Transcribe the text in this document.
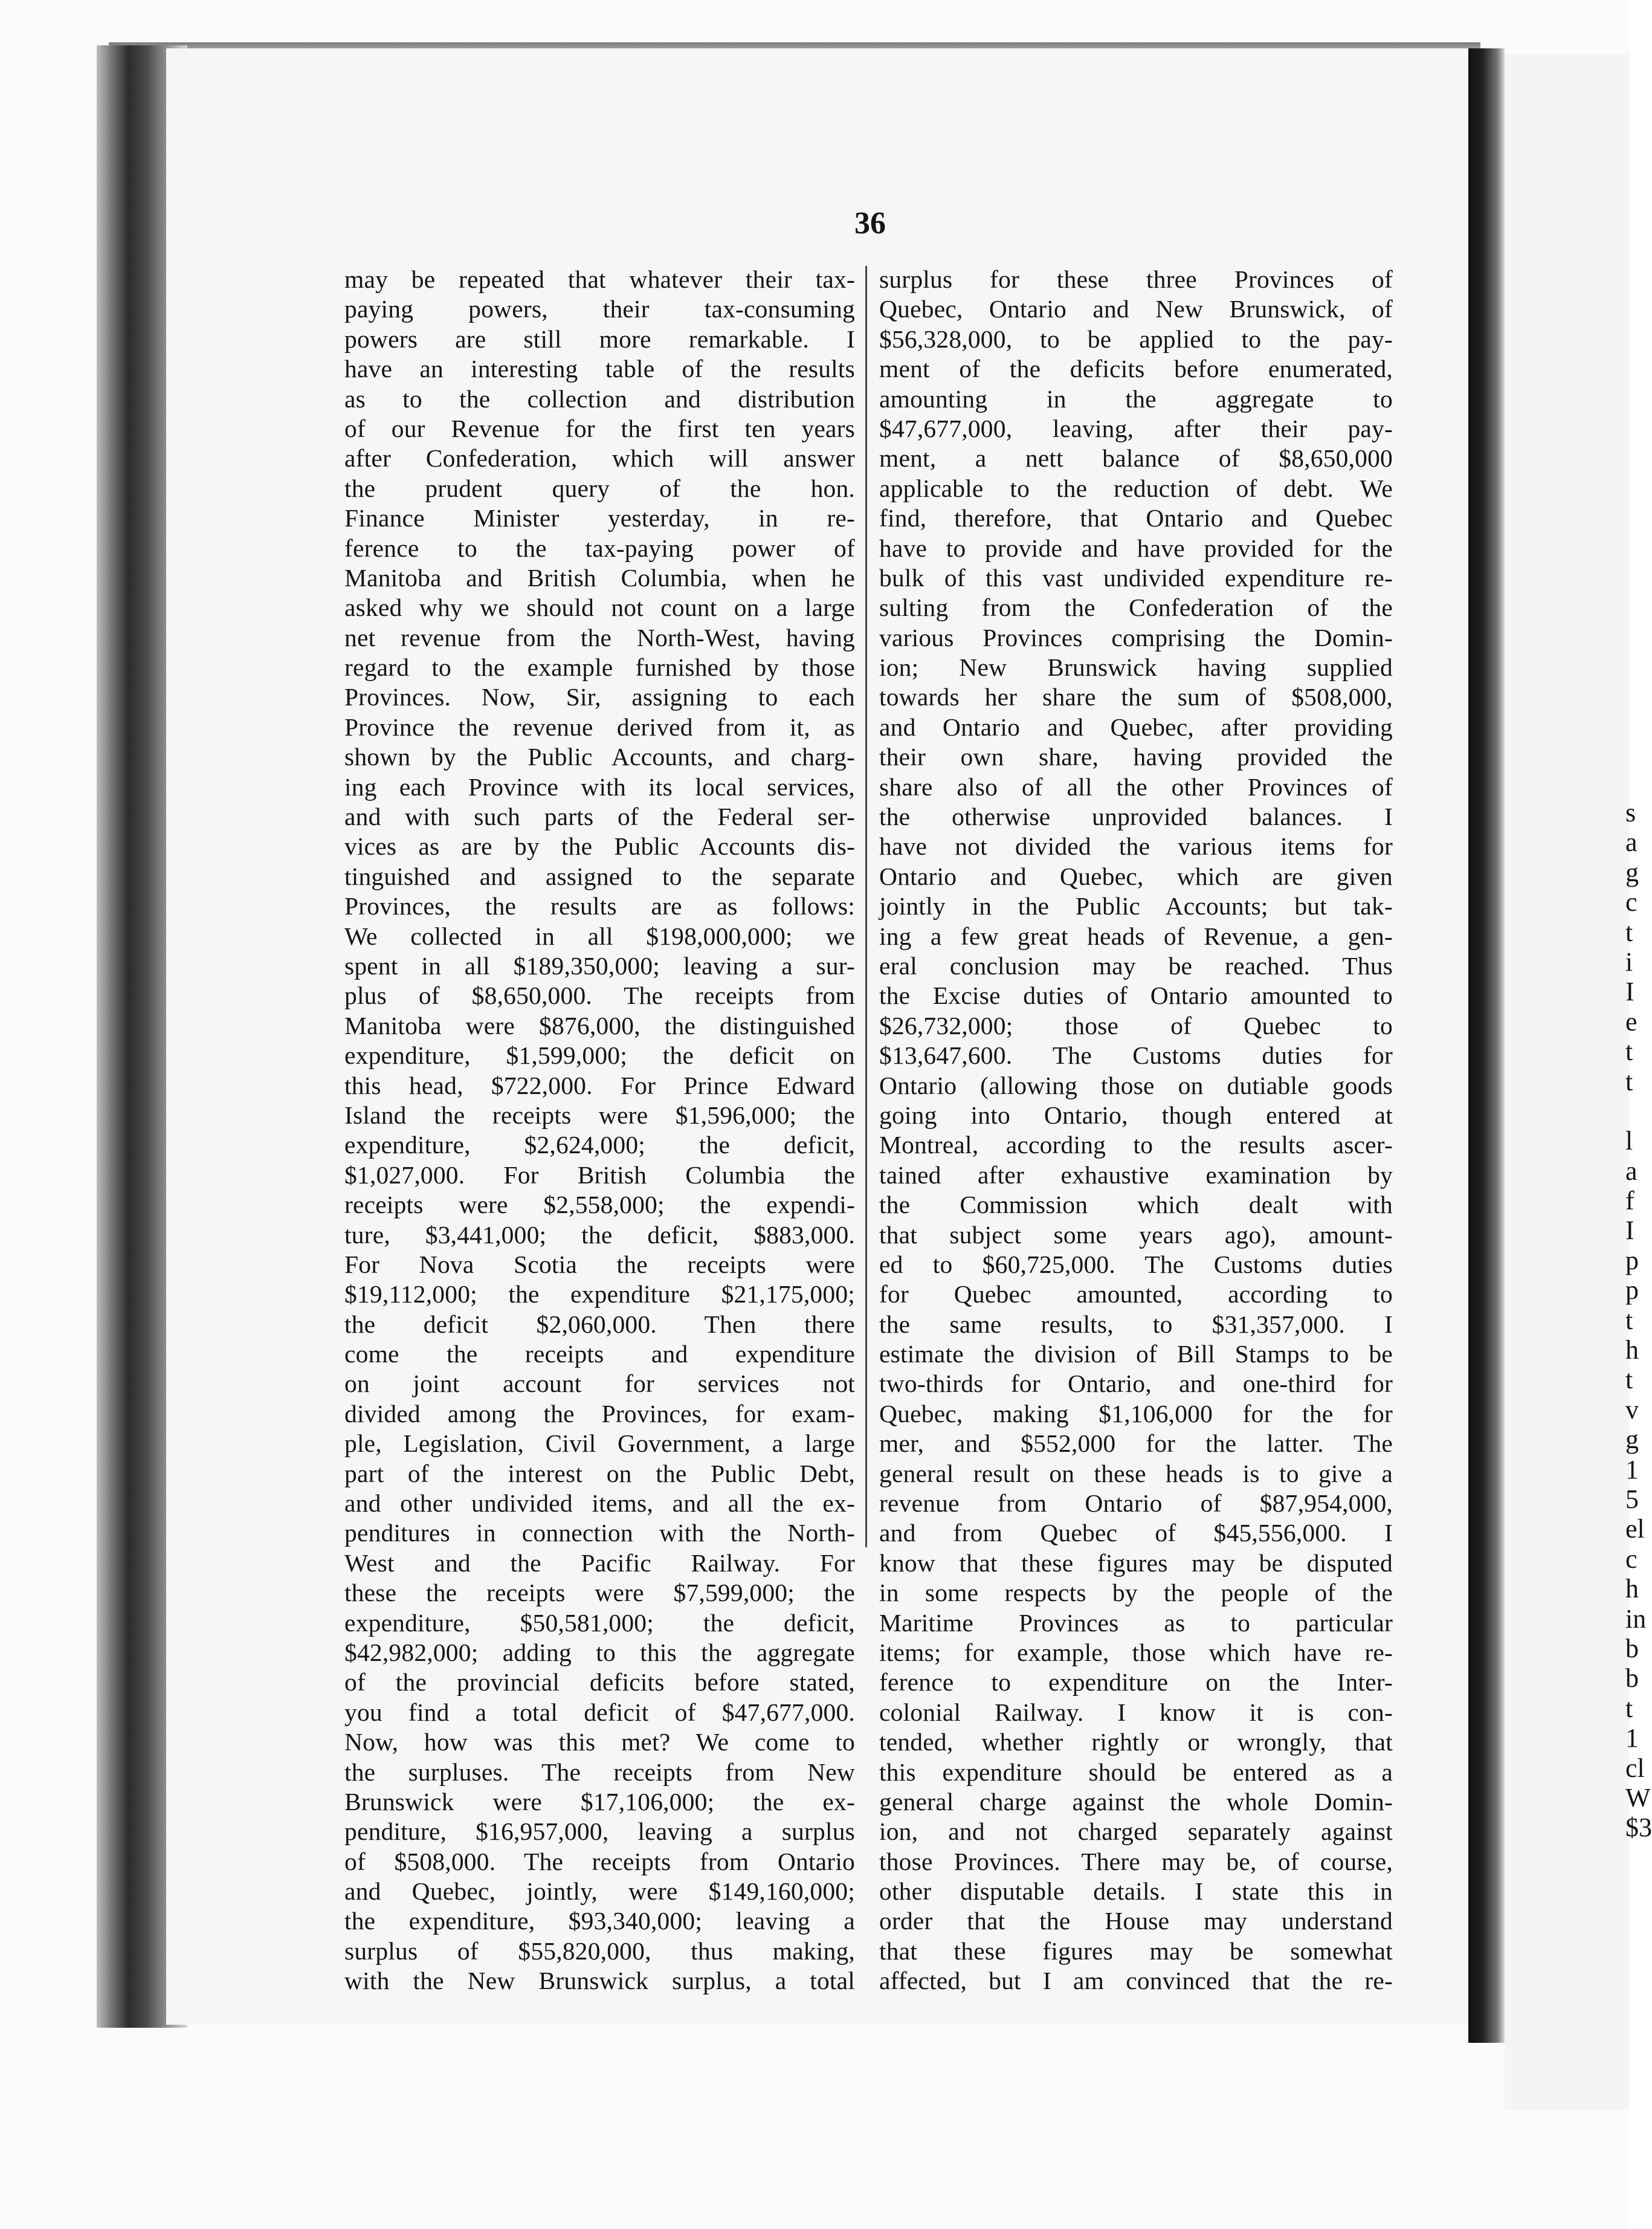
36
may be repeated that whatever their tax-
paying powers, their tax-consuming
powers are still more remarkable. I
have an interesting table of the results
as to the collection and distribution
of our Revenue for the first ten years
after Confederation, which will answer
the prudent query of the hon.
Finance Minister yesterday, in re-
ference to the tax-paying power of
Manitoba and British Columbia, when he
asked why we should not count on a large
net revenue from the North-West, having
regard to the example furnished by those
Provinces. Now, Sir, assigning to each
Province the revenue derived from it, as
shown by the Public Accounts, and charg-
ing each Province with its local services,
and with such parts of the Federal ser-
vices as are by the Public Accounts dis-
tinguished and assigned to the separate
Provinces, the results are as follows:
We collected in all $198,000,000; we
spent in all $189,350,000; leaving a sur-
plus of $8,650,000. The receipts from
Manitoba were $876,000, the distinguished
expenditure, $1,599,000; the deficit on
this head, $722,000. For Prince Edward
Island the receipts were $1,596,000; the
expenditure, $2,624,000; the deficit,
$1,027,000. For British Columbia the
receipts were $2,558,000; the expendi-
ture, $3,441,000; the deficit, $883,000.
For Nova Scotia the receipts were
$19,112,000; the expenditure $21,175,000;
the deficit $2,060,000. Then there
come the receipts and expenditure
on joint account for services not
divided among the Provinces, for exam-
ple, Legislation, Civil Government, a large
part of the interest on the Public Debt,
and other undivided items, and all the ex-
penditures in connection with the North-
West and the Pacific Railway. For
these the receipts were $7,599,000; the
expenditure, $50,581,000; the deficit,
$42,982,000; adding to this the aggregate
of the provincial deficits before stated,
you find a total deficit of $47,677,000.
Now, how was this met? We come to
the surpluses. The receipts from New
Brunswick were $17,106,000; the ex-
penditure, $16,957,000, leaving a surplus
of $508,000. The receipts from Ontario
and Quebec, jointly, were $149,160,000;
the expenditure, $93,340,000; leaving a
surplus of $55,820,000, thus making,
with the New Brunswick surplus, a total
surplus for these three Provinces of
Quebec, Ontario and New Brunswick, of
$56,328,000, to be applied to the pay-
ment of the deficits before enumerated,
amounting in the aggregate to
$47,677,000, leaving, after their pay-
ment, a nett balance of $8,650,000
applicable to the reduction of debt. We
find, therefore, that Ontario and Quebec
have to provide and have provided for the
bulk of this vast undivided expenditure re-
sulting from the Confederation of the
various Provinces comprising the Domin-
ion; New Brunswick having supplied
towards her share the sum of $508,000,
and Ontario and Quebec, after providing
their own share, having provided the
share also of all the other Provinces of
the otherwise unprovided balances. I
have not divided the various items for
Ontario and Quebec, which are given
jointly in the Public Accounts; but tak-
ing a few great heads of Revenue, a gen-
eral conclusion may be reached. Thus
the Excise duties of Ontario amounted to
$26,732,000; those of Quebec to
$13,647,600. The Customs duties for
Ontario (allowing those on dutiable goods
going into Ontario, though entered at
Montreal, according to the results ascer-
tained after exhaustive examination by
the Commission which dealt with
that subject some years ago), amount-
ed to $60,725,000. The Customs duties
for Quebec amounted, according to
the same results, to $31,357,000. I
estimate the division of Bill Stamps to be
two-thirds for Ontario, and one-third for
Quebec, making $1,106,000 for the for
mer, and $552,000 for the latter. The
general result on these heads is to give a
revenue from Ontario of $87,954,000,
and from Quebec of $45,556,000. I
know that these figures may be disputed
in some respects by the people of the
Maritime Provinces as to particular
items; for example, those which have re-
ference to expenditure on the Inter-
colonial Railway. I know it is con-
tended, whether rightly or wrongly, that
this expenditure should be entered as a
general charge against the whole Domin-
ion, and not charged separately against
those Provinces. There may be, of course,
other disputable details. I state this in
order that the House may understand
that these figures may be somewhat
affected, but I am convinced that the re-
s
a
g
c
t
i
I
e
t
t
l
a
f
I
p
p
t
h
t
v
g
1
5
el
c
h
in
b
b
t
1
cl
W
$3
